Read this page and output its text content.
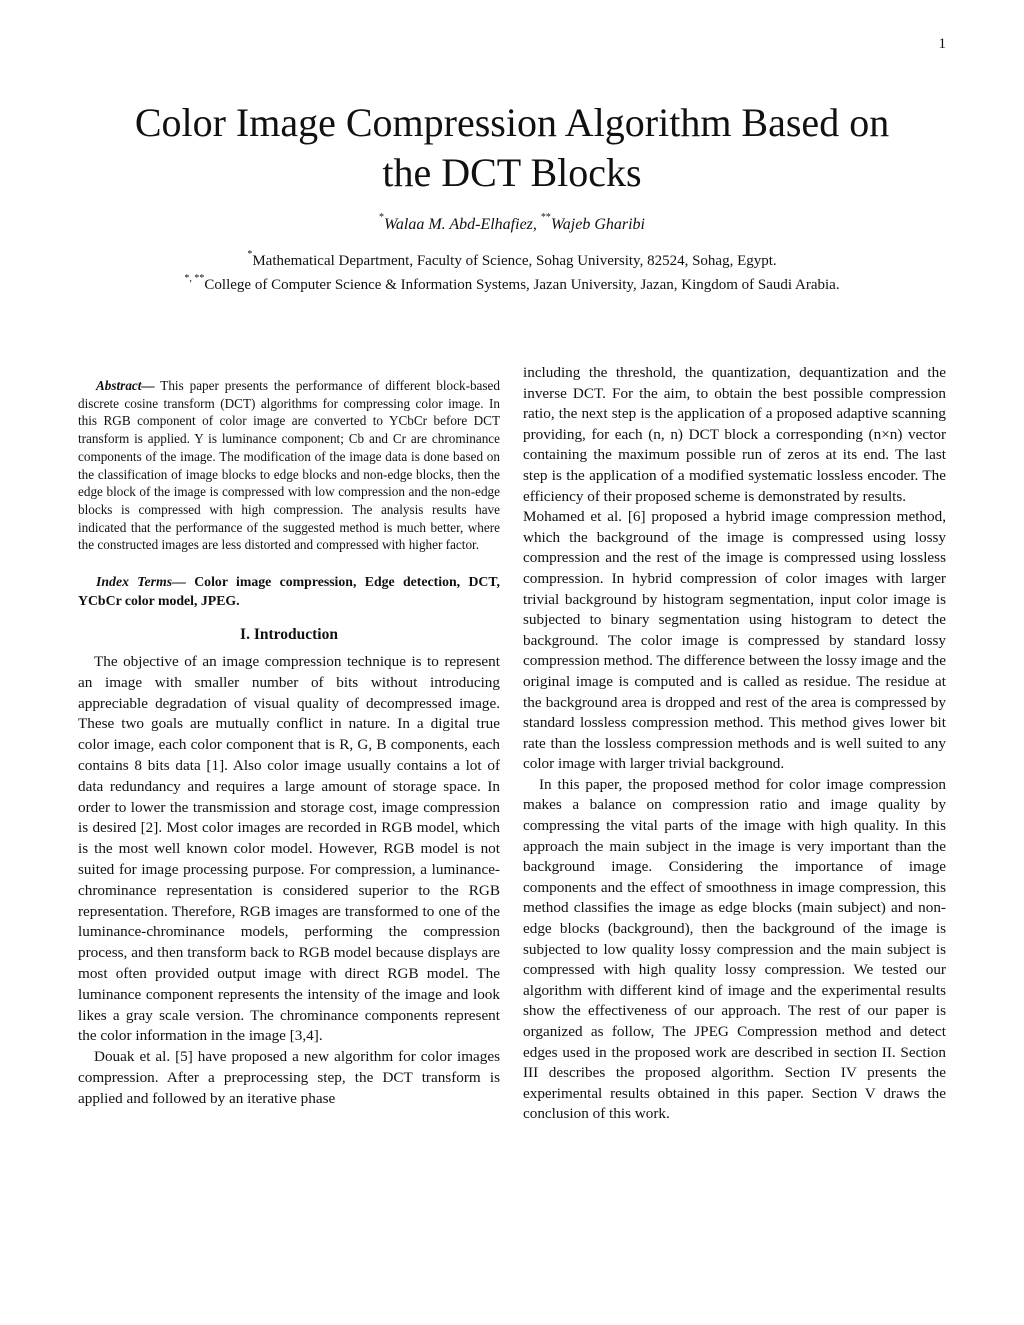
1
Color Image Compression Algorithm Based on
the DCT Blocks
*Walaa M. Abd-Elhafiez, **Wajeb Gharibi
*Mathematical Department, Faculty of Science, Sohag University, 82524, Sohag, Egypt.
*, **College of Computer Science & Information Systems, Jazan University, Jazan, Kingdom of Saudi Arabia.

Abstract— This paper presents the performance of different block-based discrete cosine transform (DCT) algorithms for compressing color image. In this RGB component of color image are converted to YCbCr before DCT transform is applied. Y is luminance component; Cb and Cr are chrominance components of the image. The modification of the image data is done based on the classification of image blocks to edge blocks and non-edge blocks, then the edge block of the image is compressed with low compression and the non-edge blocks is compressed with high compression. The analysis results have indicated that the performance of the suggested method is much better, where the constructed images are less distorted and compressed with higher factor.

Index Terms— Color image compression, Edge detection, DCT, YCbCr color model, JPEG.

I. Introduction

The objective of an image compression technique is to represent an image with smaller number of bits without introducing appreciable degradation of visual quality of decompressed image. These two goals are mutually conflict in nature. In a digital true color image, each color component that is R, G, B components, each contains 8 bits data [1]. Also color image usually contains a lot of data redundancy and requires a large amount of storage space. In order to lower the transmission and storage cost, image compression is desired [2]. Most color images are recorded in RGB model, which is the most well known color model. However, RGB model is not suited for image processing purpose. For compression, a luminance-chrominance representation is considered superior to the RGB representation. Therefore, RGB images are transformed to one of the luminance-chrominance models, performing the compression process, and then transform back to RGB model because displays are most often provided output image with direct RGB model. The luminance component represents the intensity of the image and look likes a gray scale version. The chrominance components represent the color information in the image [3,4].

Douak et al. [5] have proposed a new algorithm for color images compression. After a preprocessing step, the DCT transform is applied and followed by an iterative phase

including the threshold, the quantization, dequantization and the inverse DCT. For the aim, to obtain the best possible compression ratio, the next step is the application of a proposed adaptive scanning providing, for each (n, n) DCT block a corresponding (n×n) vector containing the maximum possible run of zeros at its end. The last step is the application of a modified systematic lossless encoder. The efficiency of their proposed scheme is demonstrated by results.

Mohamed et al. [6] proposed a hybrid image compression method, which the background of the image is compressed using lossy compression and the rest of the image is compressed using lossless compression. In hybrid compression of color images with larger trivial background by histogram segmentation, input color image is subjected to binary segmentation using histogram to detect the background. The color image is compressed by standard lossy compression method. The difference between the lossy image and the original image is computed and is called as residue. The residue at the background area is dropped and rest of the area is compressed by standard lossless compression method. This method gives lower bit rate than the lossless compression methods and is well suited to any color image with larger trivial background.

In this paper, the proposed method for color image compression makes a balance on compression ratio and image quality by compressing the vital parts of the image with high quality. In this approach the main subject in the image is very important than the background image. Considering the importance of image components and the effect of smoothness in image compression, this method classifies the image as edge blocks (main subject) and non-edge blocks (background), then the background of the image is subjected to low quality lossy compression and the main subject is compressed with high quality lossy compression. We tested our algorithm with different kind of image and the experimental results show the effectiveness of our approach. The rest of our paper is organized as follow, The JPEG Compression method and detect edges used in the proposed work are described in section II. Section III describes the proposed algorithm. Section IV presents the experimental results obtained in this paper. Section V draws the conclusion of this work.
